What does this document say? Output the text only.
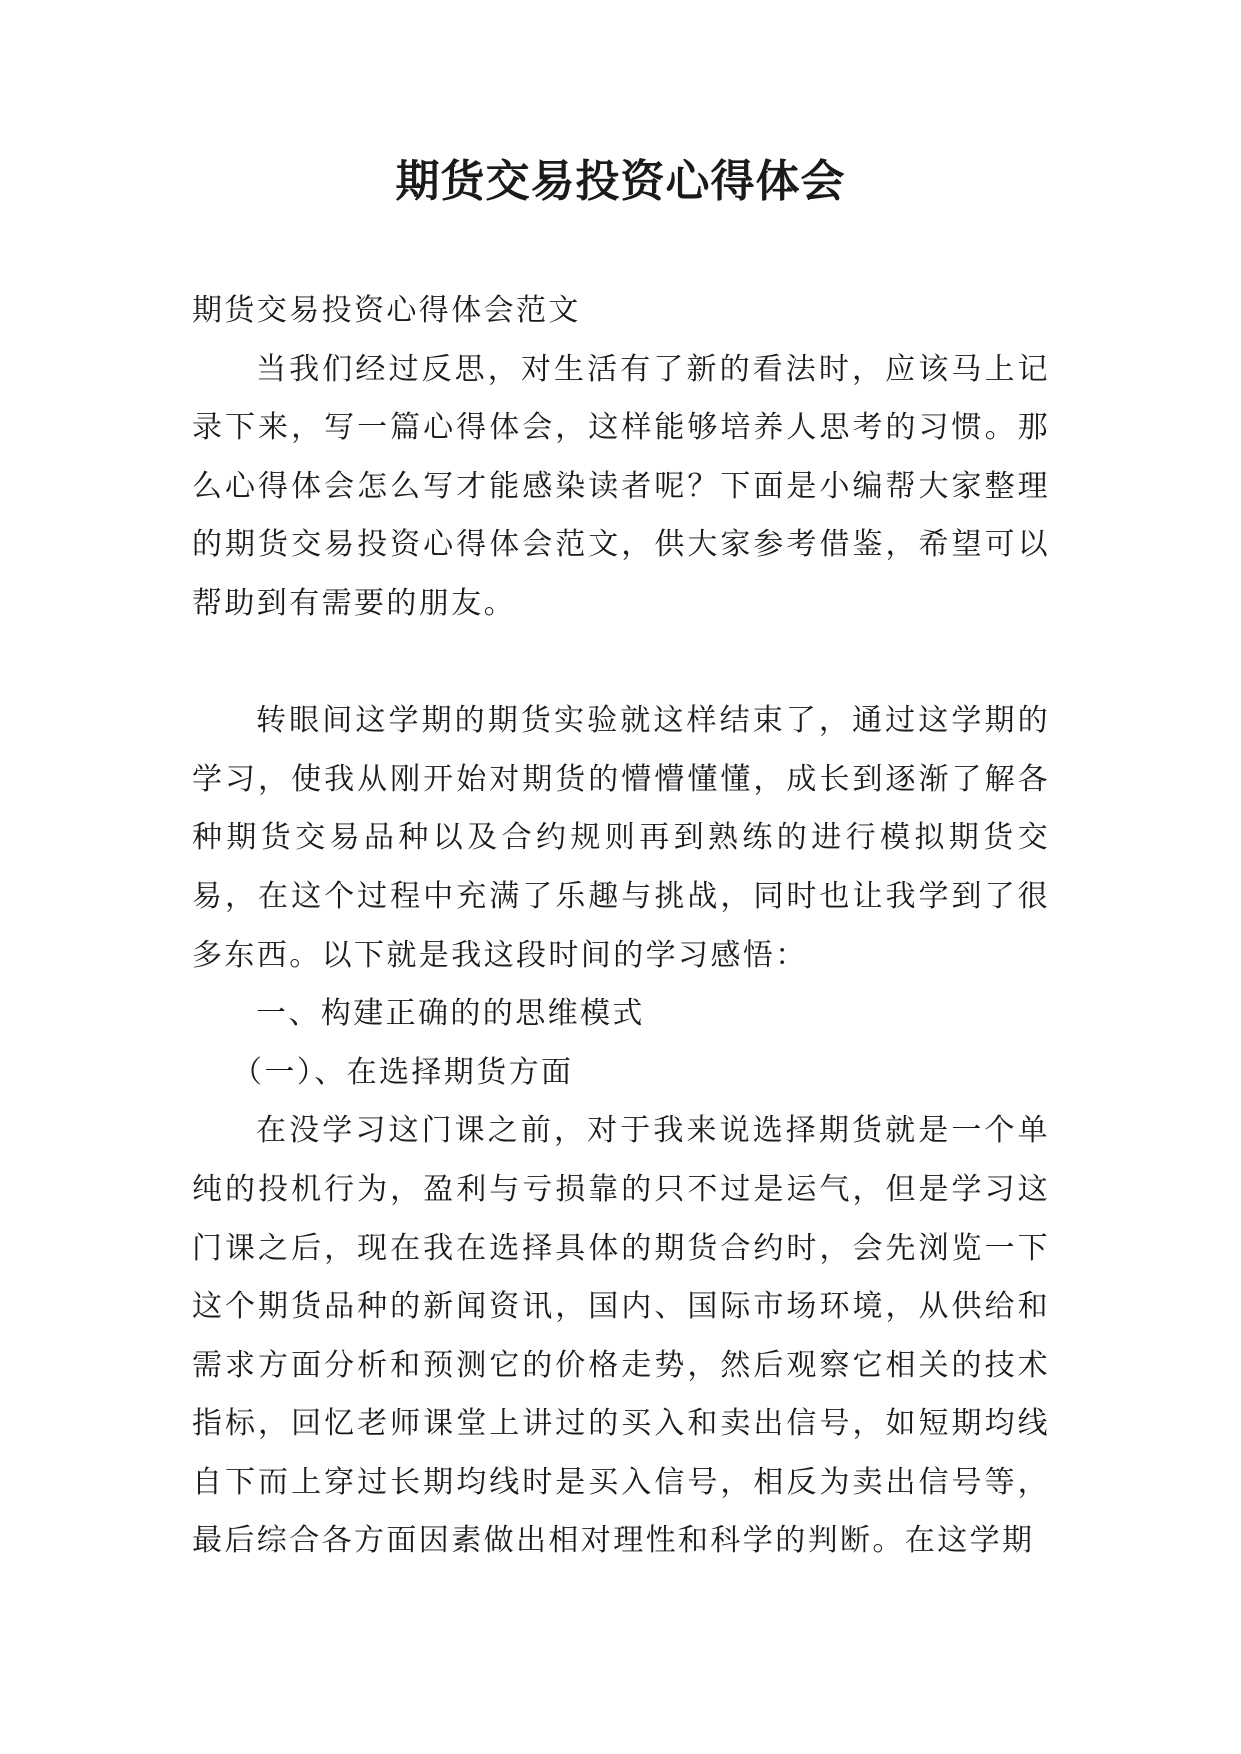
期货交易投资心得体会

期货交易投资心得体会范文

当我们经过反思，对生活有了新的看法时，应该马上记录下来，写一篇心得体会，这样能够培养人思考的习惯。那么心得体会怎么写才能感染读者呢？下面是小编帮大家整理的期货交易投资心得体会范文，供大家参考借鉴，希望可以帮助到有需要的朋友。

转眼间这学期的期货实验就这样结束了，通过这学期的学习，使我从刚开始对期货的懵懵懂懂，成长到逐渐了解各种期货交易品种以及合约规则再到熟练的进行模拟期货交易，在这个过程中充满了乐趣与挑战，同时也让我学到了很多东西。以下就是我这段时间的学习感悟：

一、构建正确的的思维模式

（一）、在选择期货方面

在没学习这门课之前，对于我来说选择期货就是一个单纯的投机行为，盈利与亏损靠的只不过是运气，但是学习这门课之后，现在我在选择具体的期货合约时，会先浏览一下这个期货品种的新闻资讯，国内、国际市场环境，从供给和需求方面分析和预测它的价格走势，然后观察它相关的技术指标，回忆老师课堂上讲过的买入和卖出信号，如短期均线自下而上穿过长期均线时是买入信号，相反为卖出信号等，最后综合各方面因素做出相对理性和科学的判断。在这学期
